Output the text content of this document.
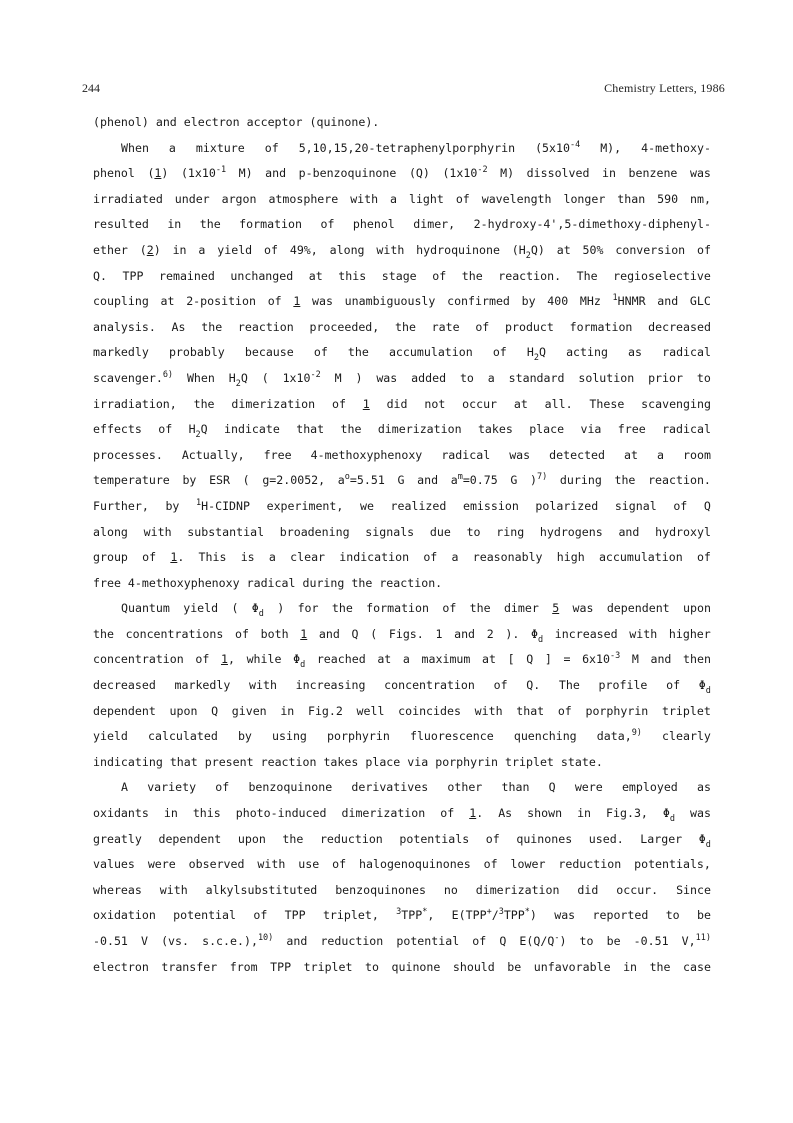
244	Chemistry Letters, 1986
(phenol) and electron acceptor (quinone).
When a mixture of 5,10,15,20-tetraphenylporphyrin ($5x10^{-4}$ M), 4-methoxy-
phenol (1) ($1x10^{-1}$ M) and p-benzoquinone (Q) ($1x10^{-2}$ M) dissolved in benzene was
irradiated under argon atmosphere with a light of wavelength longer than 590 nm,
resulted in the formation of phenol dimer, 2-hydroxy-4',5-dimethoxy-diphenyl-
ether (2) in a yield of 49%, along with hydroquinone $(H_2Q)$ at 50% conversion of
Q. TPP remained unchanged at this stage of the reaction. The regioselective
coupling at 2-position of 1 was unambiguously confirmed by 400 MHz $^1$HNMR and GLC
analysis. As the reaction proceeded, the rate of product formation decreased
markedly probably because of the accumulation of $H_2Q$ acting as radical
scavenger.$^{6)}$ When $H_2Q$ ( $1x10^{-2}$ M ) was added to a standard solution prior to
irradiation, the dimerization of 1 did not occur at all. These scavenging
effects of $H_2Q$ indicate that the dimerization takes place via free radical
processes. Actually, free 4-methoxyphenoxy radical was detected at a room
temperature by ESR ( g=2.0052, $a^o=5.51$ G and $a^m=0.75$ G )$^{7)}$ during the reaction.
Further, by $^1$H-CIDNP experiment, we realized emission polarized signal of Q
along with substantial broadening signals due to ring hydrogens and hydroxyl
group of 1. This is a clear indication of a reasonably high accumulation of
free 4-methoxyphenoxy radical during the reaction.
Quantum yield ( $\Phi_d$ ) for the formation of the dimer 5 was dependent upon
the concentrations of both 1 and Q ( Figs. 1 and 2 ). $\Phi_d$ increased with higher
concentration of 1, while $\Phi_d$ reached at a maximum at [ Q ] = $6x10^{-3}$ M and then
decreased markedly with increasing concentration of Q. The profile of $\Phi_d$
dependent upon Q given in Fig.2 well coincides with that of porphyrin triplet
yield calculated by using porphyrin fluorescence quenching data,$^{9)}$ clearly
indicating that present reaction takes place via porphyrin triplet state.
A variety of benzoquinone derivatives other than Q were employed as
oxidants in this photo-induced dimerization of 1. As shown in Fig.3, $\Phi_d$ was
greatly dependent upon the reduction potentials of quinones used. Larger $\Phi_d$
values were observed with use of halogenoquinones of lower reduction potentials,
whereas with alkylsubstituted benzoquinones no dimerization did occur. Since
oxidation potential of TPP triplet, $^3$TPP*, E(TPP+/$^3$TPP*) was reported to be
-0.51 V (vs. s.c.e.),$^{10)}$ and reduction potential of Q E(Q/Q-) to be -0.51 V,$^{11)}$
electron transfer from TPP triplet to quinone should be unfavorable in the case
